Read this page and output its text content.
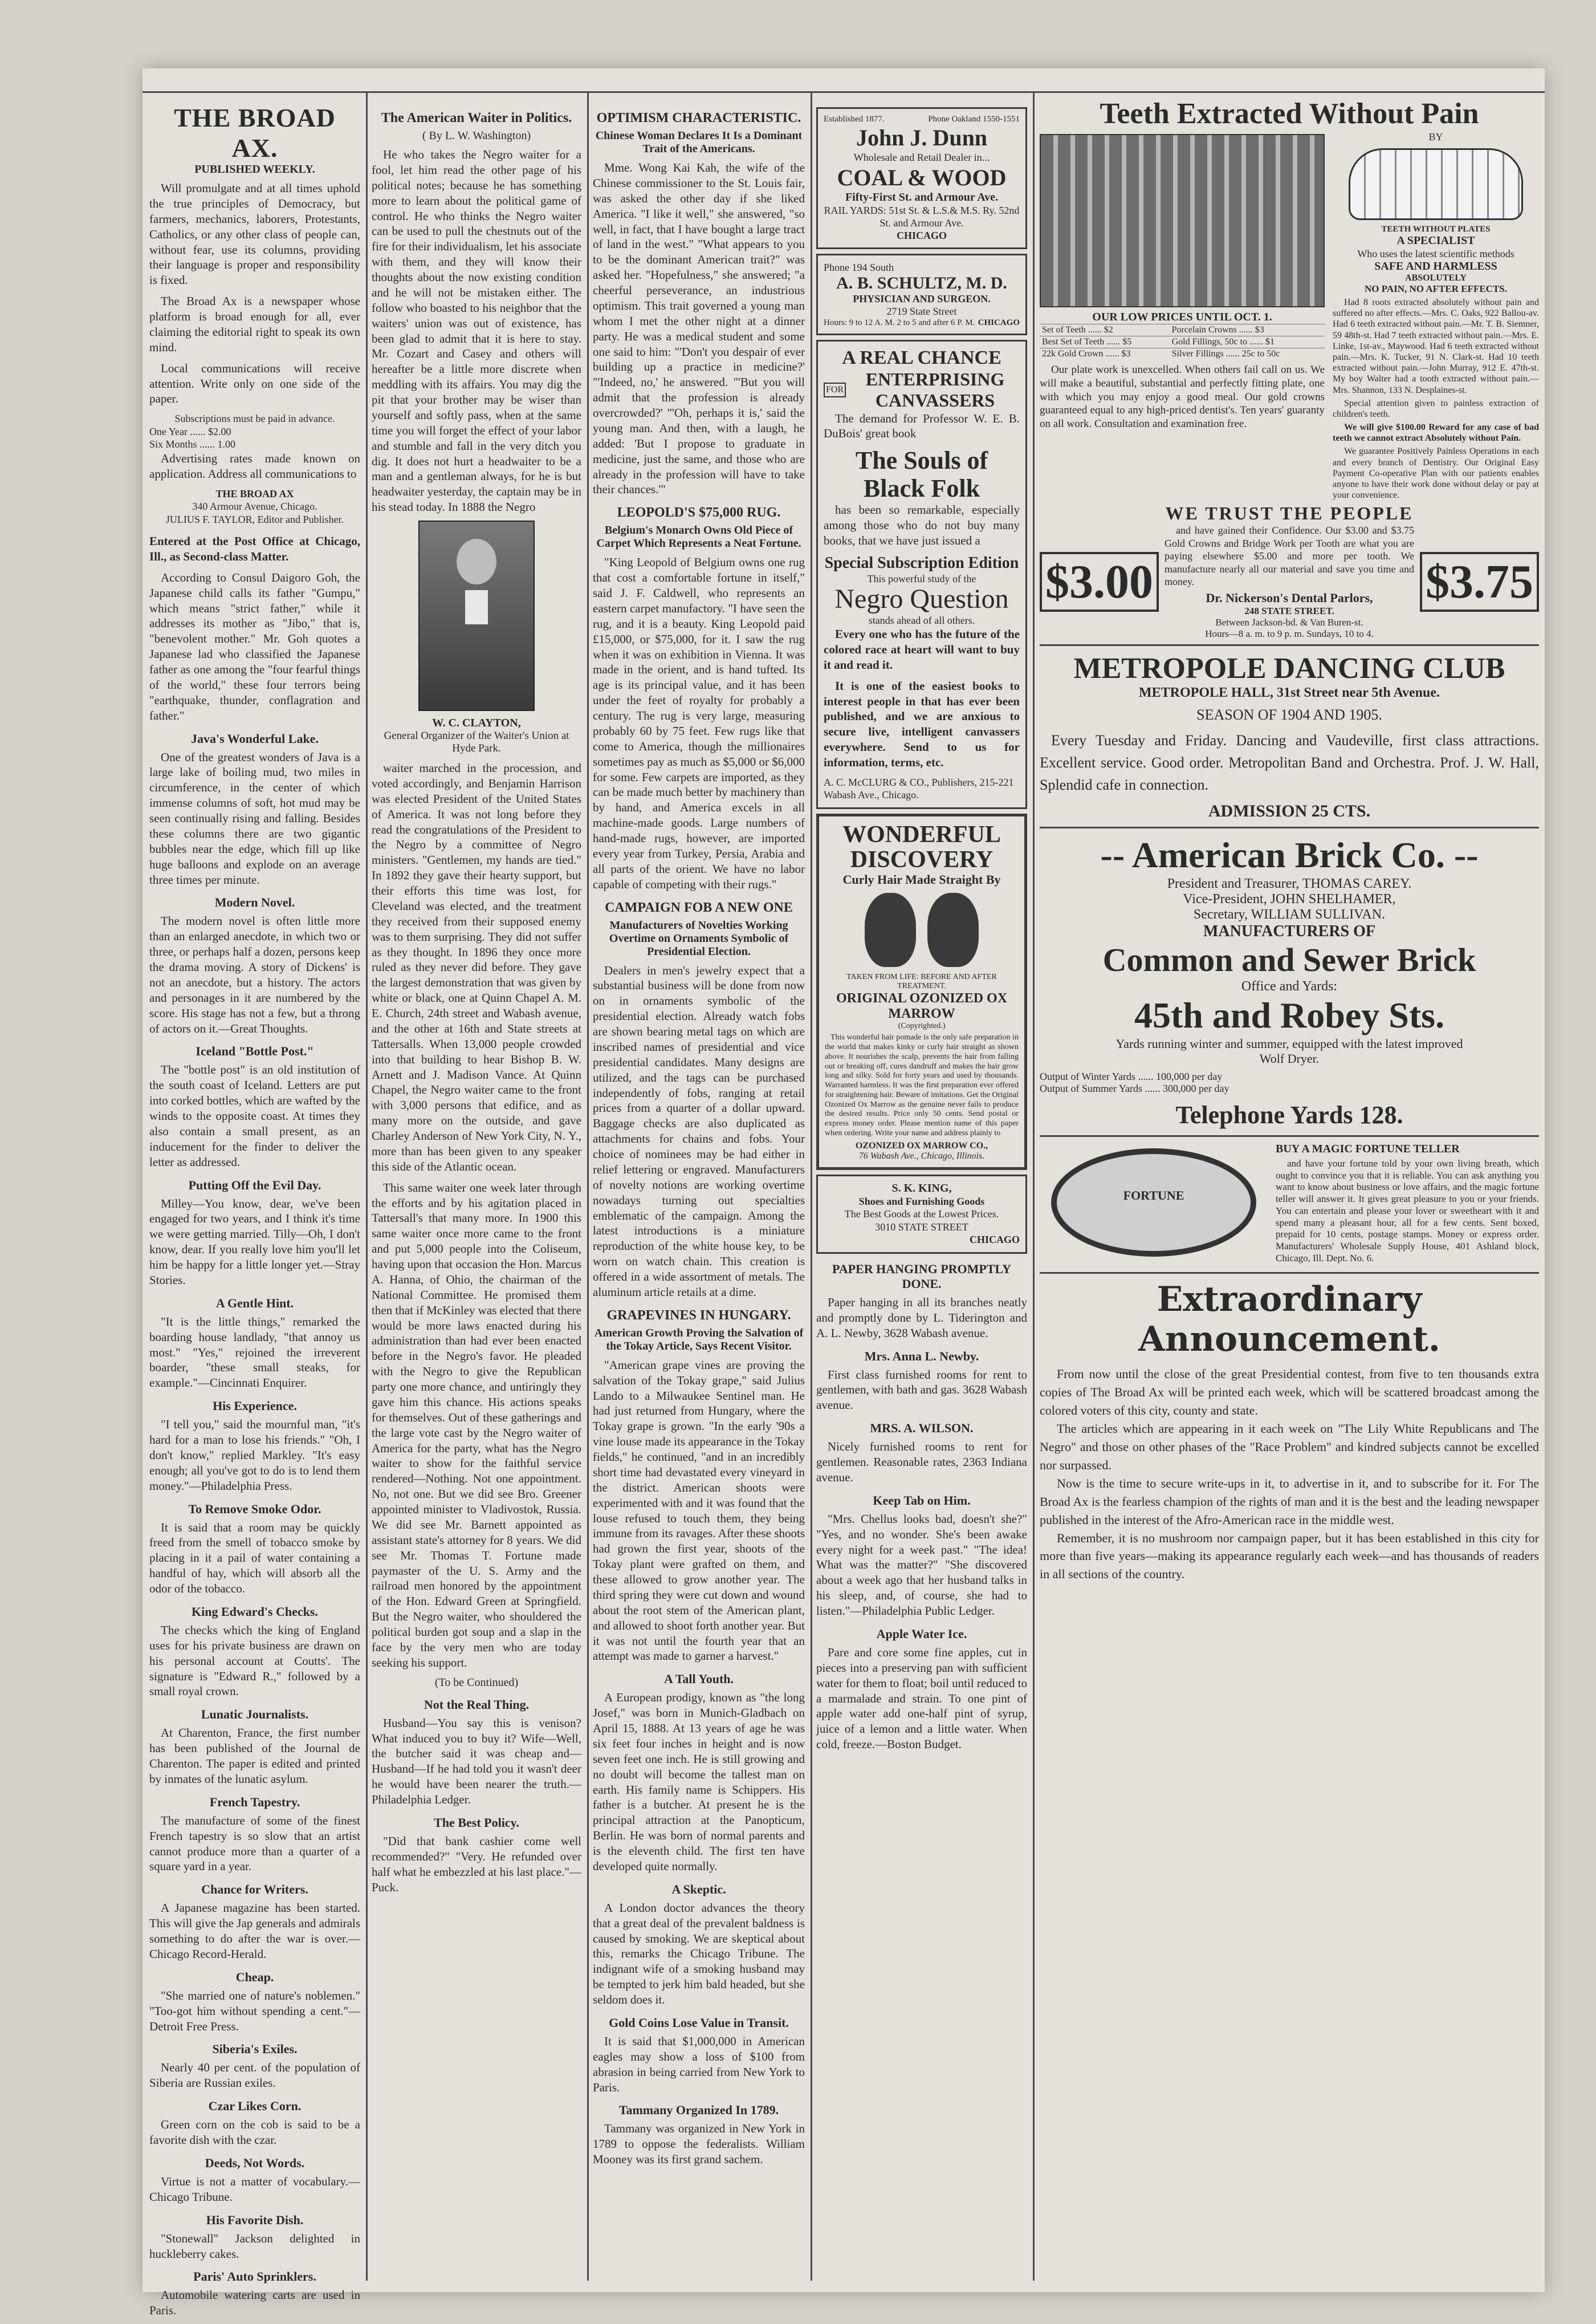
THE BROAD AX.
PUBLISHED WEEKLY.

Will promulgate and at all times uphold the true principles of Democracy, but farmers, mechanics, laborers, Protestants, Catholics, or any other class of people can, without fear, use its columns, providing their language is proper and responsibility is fixed.

The Broad Ax is a newspaper whose platform is broad enough for all, ever claiming the editorial right to speak its own mind.

Local communications will receive attention. Write only on one side of the paper.

Subscriptions must be paid in advance.
One Year ...... $2.00
Six Months ...... 1.00

Advertising rates made known on application. Address all communications to

THE BROAD AX
340 Armour Avenue, Chicago.
JULIUS F. TAYLOR, Editor and Publisher.

Entered at the Post Office at Chicago, Ill., as Second-class Matter.

According to Consul Daigoro Goh, the Japanese child calls its father "Gumpu," which means "strict father," while it addresses its mother as "Jibo," that is, "benevolent mother." Mr. Goh quotes a Japanese lad who classified the Japanese father as one among the "four fearful things of the world," these four terrors being "earthquake, thunder, conflagration and father."

Java's Wonderful Lake.

One of the greatest wonders of Java is a large lake of boiling mud, two miles in circumference, in the center of which immense columns of soft, hot mud may be seen continually rising and falling. Besides these columns there are two gigantic bubbles near the edge, which fill up like huge balloons and explode on an average three times per minute.

Modern Novel.

The modern novel is often little more than an enlarged anecdote, in which two or three, or perhaps half a dozen, persons keep the drama moving. A story of Dickens' is not an anecdote, but a history. The actors and personages in it are numbered by the score. His stage has not a few, but a throng of actors on it.—Great Thoughts.

Iceland "Bottle Post."

The "bottle post" is an old institution of the south coast of Iceland. Letters are put into corked bottles, which are wafted by the winds to the opposite coast. At times they also contain a small present, as an inducement for the finder to deliver the letter as addressed.

Putting Off the Evil Day.

Milley—You know, dear, we've been engaged for two years, and I think it's time we were getting married. Tilly—Oh, I don't know, dear. If you really love him you'll let him be happy for a little longer yet.—Stray Stories.

A Gentle Hint.

"It is the little things," remarked the boarding house landlady, "that annoy us most." "Yes," rejoined the irreverent boarder, "these small steaks, for example."—Cincinnati Enquirer.

His Experience.

"I tell you," said the mournful man, "it's hard for a man to lose his friends." "Oh, I don't know," replied Markley. "It's easy enough; all you've got to do is to lend them money."—Philadelphia Press.

To Remove Smoke Odor.

It is said that a room may be quickly freed from the smell of tobacco smoke by placing in it a pail of water containing a handful of hay, which will absorb all the odor of the tobacco.

King Edward's Checks.

The checks which the king of England uses for his private business are drawn on his personal account at Coutts'. The signature is "Edward R.," followed by a small royal crown.

Lunatic Journalists.

At Charenton, France, the first number has been published of the Journal de Charenton. The paper is edited and printed by inmates of the lunatic asylum.

French Tapestry.

The manufacture of some of the finest French tapestry is so slow that an artist cannot produce more than a quarter of a square yard in a year.

Chance for Writers.

A Japanese magazine has been started. This will give the Jap generals and admirals something to do after the war is over.—Chicago Record-Herald.

Cheap.

"She married one of nature's noblemen." "Too-got him without spending a cent."—Detroit Free Press.

Siberia's Exiles.

Nearly 40 per cent. of the population of Siberia are Russian exiles.

Czar Likes Corn.

Green corn on the cob is said to be a favorite dish with the czar.

Deeds, Not Words.

Virtue is not a matter of vocabulary.—Chicago Tribune.

His Favorite Dish.

"Stonewall" Jackson delighted in huckleberry cakes.

Paris' Auto Sprinklers.

Automobile watering carts are used in Paris.

The American Waiter in Politics.
( By L. W. Washington)

He who takes the Negro waiter for a fool, let him read the other page of his political notes; because he has something more to learn about the political game of control. He who thinks the Negro waiter can be used to pull the chestnuts out of the fire for their individualism, let his associate with them, and they will know their thoughts about the now existing condition and he will not be mistaken either. The follow who boasted to his neighbor that the waiters' union was out of existence, has been glad to admit that it is here to stay. Mr. Cozart and Casey and others will hereafter be a little more discrete when meddling with its affairs. You may dig the pit that your brother may be wiser than yourself and softly pass, when at the same time you will forget the effect of your labor and stumble and fall in the very ditch you dig. It does not hurt a headwaiter to be a man and a gentleman always, for he is but headwaiter yesterday, the captain may be in his stead today. In 1888 the Negro

W. C. CLAYTON,
General Organizer of the Waiter's Union at Hyde Park.

waiter marched in the procession, and voted accordingly, and Benjamin Harrison was elected President of the United States of America. It was not long before they read the congratulations of the President to the Negro by a committee of Negro ministers. "Gentlemen, my hands are tied." In 1892 they gave their hearty support, but their efforts this time was lost, for Cleveland was elected, and the treatment they received from their supposed enemy was to them surprising. They did not suffer as they thought. In 1896 they once more ruled as they never did before. They gave the largest demonstration that was given by white or black, one at Quinn Chapel A. M. E. Church, 24th street and Wabash avenue, and the other at 16th and State streets at Tattersalls. When 13,000 people crowded into that building to hear Bishop B. W. Arnett and J. Madison Vance. At Quinn Chapel, the Negro waiter came to the front with 3,000 persons that edifice, and as many more on the outside, and gave Charley Anderson of New York City, N. Y., more than has been given to any speaker this side of the Atlantic ocean.

This same waiter one week later through the efforts and by his agitation placed in Tattersall's that many more. In 1900 this same waiter once more came to the front and put 5,000 people into the Coliseum, having upon that occasion the Hon. Marcus A. Hanna, of Ohio, the chairman of the National Committee. He promised them then that if McKinley was elected that there would be more laws enacted during his administration than had ever been enacted before in the Negro's favor. He pleaded with the Negro to give the Republican party one more chance, and untiringly they gave him this chance. His actions speaks for themselves. Out of these gatherings and the large vote cast by the Negro waiter of America for the party, what has the Negro waiter to show for the faithful service rendered—Nothing. Not one appointment. No, not one. But we did see Bro. Greener appointed minister to Vladivostok, Russia. We did see Mr. Barnett appointed as assistant state's attorney for 8 years. We did see Mr. Thomas T. Fortune made paymaster of the U. S. Army and the railroad men honored by the appointment of the Hon. Edward Green at Springfield. But the Negro waiter, who shouldered the political burden got soup and a slap in the face by the very men who are today seeking his support.

(To be Continued)
Not the Real Thing.

Husband—You say this is venison? What induced you to buy it? Wife—Well, the butcher said it was cheap and— Husband—If he had told you it wasn't deer he would have been nearer the truth.—Philadelphia Ledger.

The Best Policy.

"Did that bank cashier come well recommended?" "Very. He refunded over half what he embezzled at his last place."—Puck.

OPTIMISM CHARACTERISTIC.
Chinese Woman Declares It Is a Dominant Trait of the Americans.

Mme. Wong Kai Kah, the wife of the Chinese commissioner to the St. Louis fair, was asked the other day if she liked America. "I like it well," she answered, "so well, in fact, that I have bought a large tract of land in the west." "What appears to you to be the dominant American trait?" was asked her. "Hopefulness," she answered; "a cheerful perseverance, an industrious optimism. This trait governed a young man whom I met the other night at a dinner party. He was a medical student and some one said to him: "'Don't you despair of ever building up a practice in medicine?' "'Indeed, no,' he answered. "'But you will admit that the profession is already overcrowded?' "'Oh, perhaps it is,' said the young man. And then, with a laugh, he added: 'But I propose to graduate in medicine, just the same, and those who are already in the profession will have to take their chances.'"

LEOPOLD'S $75,000 RUG.
Belgium's Monarch Owns Old Piece of Carpet Which Represents a Neat Fortune.

"King Leopold of Belgium owns one rug that cost a comfortable fortune in itself," said J. F. Caldwell, who represents an eastern carpet manufactory. "I have seen the rug, and it is a beauty. King Leopold paid £15,000, or $75,000, for it. I saw the rug when it was on exhibition in Vienna. It was made in the orient, and is hand tufted. Its age is its principal value, and it has been under the feet of royalty for probably a century. The rug is very large, measuring probably 60 by 75 feet. Few rugs like that come to America, though the millionaires sometimes pay as much as $5,000 or $6,000 for some. Few carpets are imported, as they can be made much better by machinery than by hand, and America excels in all machine-made goods. Large numbers of hand-made rugs, however, are imported every year from Turkey, Persia, Arabia and all parts of the orient. We have no labor capable of competing with their rugs."

CAMPAIGN FOB A NEW ONE
Manufacturers of Novelties Working Overtime on Ornaments Symbolic of Presidential Election.

Dealers in men's jewelry expect that a substantial business will be done from now on in ornaments symbolic of the presidential election. Already watch fobs are shown bearing metal tags on which are inscribed names of presidential and vice presidential candidates. Many designs are utilized, and the tags can be purchased independently of fobs, ranging at retail prices from a quarter of a dollar upward. Baggage checks are also duplicated as attachments for chains and fobs. Your choice of nominees may be had either in relief lettering or engraved. Manufacturers of novelty notions are working overtime nowadays turning out specialties emblematic of the campaign. Among the latest introductions is a miniature reproduction of the white house key, to be worn on watch chain. This creation is offered in a wide assortment of metals. The aluminum article retails at a dime.

GRAPEVINES IN HUNGARY.
American Growth Proving the Salvation of the Tokay Article, Says Recent Visitor.

"American grape vines are proving the salvation of the Tokay grape," said Julius Lando to a Milwaukee Sentinel man. He had just returned from Hungary, where the Tokay grape is grown. "In the early '90s a vine louse made its appearance in the Tokay fields," he continued, "and in an incredibly short time had devastated every vineyard in the district. American shoots were experimented with and it was found that the louse refused to touch them, they being immune from its ravages. After these shoots had grown the first year, shoots of the Tokay plant were grafted on them, and these allowed to grow another year. The third spring they were cut down and wound about the root stem of the American plant, and allowed to shoot forth another year. But it was not until the fourth year that an attempt was made to garner a harvest."

A Tall Youth.

A European prodigy, known as "the long Josef," was born in Munich-Gladbach on April 15, 1888. At 13 years of age he was six feet four inches in height and is now seven feet one inch. He is still growing and no doubt will become the tallest man on earth. His family name is Schippers. His father is a butcher. At present he is the principal attraction at the Panopticum, Berlin. He was born of normal parents and is the eleventh child. The first ten have developed quite normally.

A Skeptic.

A London doctor advances the theory that a great deal of the prevalent baldness is caused by smoking. We are skeptical about this, remarks the Chicago Tribune. The indignant wife of a smoking husband may be tempted to jerk him bald headed, but she seldom does it.

Gold Coins Lose Value in Transit.

It is said that $1,000,000 in American eagles may show a loss of $100 from abrasion in being carried from New York to Paris.

Tammany Organized In 1789.

Tammany was organized in New York in 1789 to oppose the federalists. William Mooney was its first grand sachem.

Established 1877.	Phone Oakland 1550-1551
John J. Dunn
Wholesale and Retail Dealer in...
COAL & WOOD
Fifty-First St. and Armour Ave.
RAIL YARDS: 51st St. & L.S.& M.S. Ry. 52nd St. and Armour Ave.
CHICAGO
Phone 194 South
A. B. SCHULTZ, M. D.
PHYSICIAN AND SURGEON.
2719 State Street
Hours: 9 to 12 A. M. 2 to 5 and after 6 P. M. CHICAGO
A REAL CHANCE
FOR
ENTERPRISING CANVASSERS

The demand for Professor W. E. B. DuBois' great book

The Souls of Black Folk

has been so remarkable, especially among those who do not buy many books, that we have just issued a

Special Subscription Edition
This powerful study of the
Negro Question
stands ahead of all others.

Every one who has the future of the colored race at heart will want to buy it and read it.

It is one of the easiest books to interest people in that has ever been published, and we are anxious to secure live, intelligent canvassers everywhere. Send to us for information, terms, etc.

A. C. McCLURG & CO., Publishers, 215-221 Wabash Ave., Chicago.
WONDERFUL DISCOVERY
Curly Hair Made Straight By
TAKEN FROM LIFE: BEFORE AND AFTER TREATMENT.
ORIGINAL OZONIZED OX MARROW
(Copyrighted.)

This wonderful hair pomade is the only safe preparation in the world that makes kinky or curly hair straight as shown above. It nourishes the scalp, prevents the hair from falling out or breaking off, cures dandruff and makes the hair grow long and silky. Sold for forty years and used by thousands. Warranted harmless. It was the first preparation ever offered for straightening hair. Beware of imitations. Get the Original Ozonized Ox Marrow as the genuine never fails to produce the desired results. Price only 50 cents. Send postal or express money order. Please mention name of this paper when ordering. Write your name and address plainly to

OZONIZED OX MARROW CO.,
76 Wabash Ave., Chicago, Illinois.
S. K. KING,
Shoes and Furnishing Goods
The Best Goods at the Lowest Prices.
3010 STATE STREET
CHICAGO
PAPER HANGING PROMPTLY DONE.

Paper hanging in all its branches neatly and promptly done by L. Tiderington and A. L. Newby, 3628 Wabash avenue.

Mrs. Anna L. Newby.

First class furnished rooms for rent to gentlemen, with bath and gas. 3628 Wabash avenue.

MRS. A. WILSON.

Nicely furnished rooms to rent for gentlemen. Reasonable rates, 2363 Indiana avenue.

Keep Tab on Him.

"Mrs. Chellus looks bad, doesn't she?" "Yes, and no wonder. She's been awake every night for a week past." "The idea! What was the matter?" "She discovered about a week ago that her husband talks in his sleep, and, of course, she had to listen."—Philadelphia Public Ledger.

Apple Water Ice.

Pare and core some fine apples, cut in pieces into a preserving pan with sufficient water for them to float; boil until reduced to a marmalade and strain. To one pint of apple water add one-half pint of syrup, juice of a lemon and a little water. When cold, freeze.—Boston Budget.

Teeth Extracted Without Pain
OUR LOW PRICES UNTIL OCT. 1.
Set of Teeth ...... $2	Porcelain Crowns ...... $3
Best Set of Teeth ...... $5	Gold Fillings, 50c to ...... $1
22k Gold Crown ...... $3	Silver Fillings ...... 25c to 50c

Our plate work is unexcelled. When others fail call on us. We will make a beautiful, substantial and perfectly fitting plate, one with which you may enjoy a good meal. Our gold crowns guaranteed equal to any high-priced dentist's. Ten years' guaranty on all work. Consultation and examination free.

BY
TEETH WITHOUT PLATES
A SPECIALIST
Who uses the latest scientific methods
SAFE AND HARMLESS
ABSOLUTELY
NO PAIN, NO AFTER EFFECTS.

Had 8 roots extracted absolutely without pain and suffered no after effects.—Mrs. C. Oaks, 922 Ballou-av. Had 6 teeth extracted without pain.—Mr. T. B. Siemner, 59 48th-st. Had 7 teeth extracted without pain.—Mrs. E. Linke, 1st-av., Maywood. Had 6 teeth extracted without pain.—Mrs. K. Tucker, 91 N. Clark-st. Had 10 teeth extracted without pain.—John Murray, 912 E. 47th-st. My boy Walter had a tooth extracted without pain.—Mrs. Shannon, 133 N. Desplaines-st.

Special attention given to painless extraction of children's teeth.

We will give $100.00 Reward for any case of bad teeth we cannot extract Absolutely without Pain.

We guarantee Positively Painless Operations in each and every branch of Dentistry. Our Original Easy Payment Co-operative Plan with our patients enables anyone to have their work done without delay or pay at your convenience.

WE TRUST THE PEOPLE
$3.00

and have gained their Confidence. Our $3.00 and $3.75 Gold Crowns and Bridge Work per Tooth are what you are paying elsewhere $5.00 and more per tooth. We manufacture nearly all our material and save you time and money.

Dr. Nickerson's Dental Parlors,
248 STATE STREET.
Between Jackson-bd. & Van Buren-st.
Hours—8 a. m. to 9 p. m. Sundays, 10 to 4.
$3.75
METROPOLE DANCING CLUB
METROPOLE HALL, 31st Street near 5th Avenue.
SEASON OF 1904 AND 1905.

Every Tuesday and Friday. Dancing and Vaudeville, first class attractions. Excellent service. Good order. Metropolitan Band and Orchestra. Prof. J. W. Hall, Splendid cafe in connection.

ADMISSION 25 CTS.
-- American Brick Co. --
President and Treasurer, THOMAS CAREY.
Vice-President, JOHN SHELHAMER,
Secretary, WILLIAM SULLIVAN.
MANUFACTURERS OF
Common and Sewer Brick
Office and Yards:
45th and Robey Sts.
Yards running winter and summer, equipped with the latest improved Wolf Dryer.
Output of Winter Yards ...... 100,000 per day
Output of Summer Yards ...... 300,000 per day
Telephone Yards 128.
FORTUNE
BUY A MAGIC FORTUNE TELLER

and have your fortune told by your own living breath, which ought to convince you that it is reliable. You can ask anything you want to know about business or love affairs, and the magic fortune teller will answer it. It gives great pleasure to you or your friends. You can entertain and please your lover or sweetheart with it and spend many a pleasant hour, all for a few cents. Sent boxed, prepaid for 10 cents, postage stamps. Money or express order. Manufacturers' Wholesale Supply House, 401 Ashland block, Chicago, Ill. Dept. No. 6.

Extraordinary Announcement.

From now until the close of the great Presidential contest, from five to ten thousands extra copies of The Broad Ax will be printed each week, which will be scattered broadcast among the colored voters of this city, county and state.

The articles which are appearing in it each week on "The Lily White Republicans and The Negro" and those on other phases of the "Race Problem" and kindred subjects cannot be excelled nor surpassed.

Now is the time to secure write-ups in it, to advertise in it, and to subscribe for it. For The Broad Ax is the fearless champion of the rights of man and it is the best and the leading newspaper published in the interest of the Afro-American race in the middle west.

Remember, it is no mushroom nor campaign paper, but it has been established in this city for more than five years—making its appearance regularly each week—and has thousands of readers in all sections of the country.
